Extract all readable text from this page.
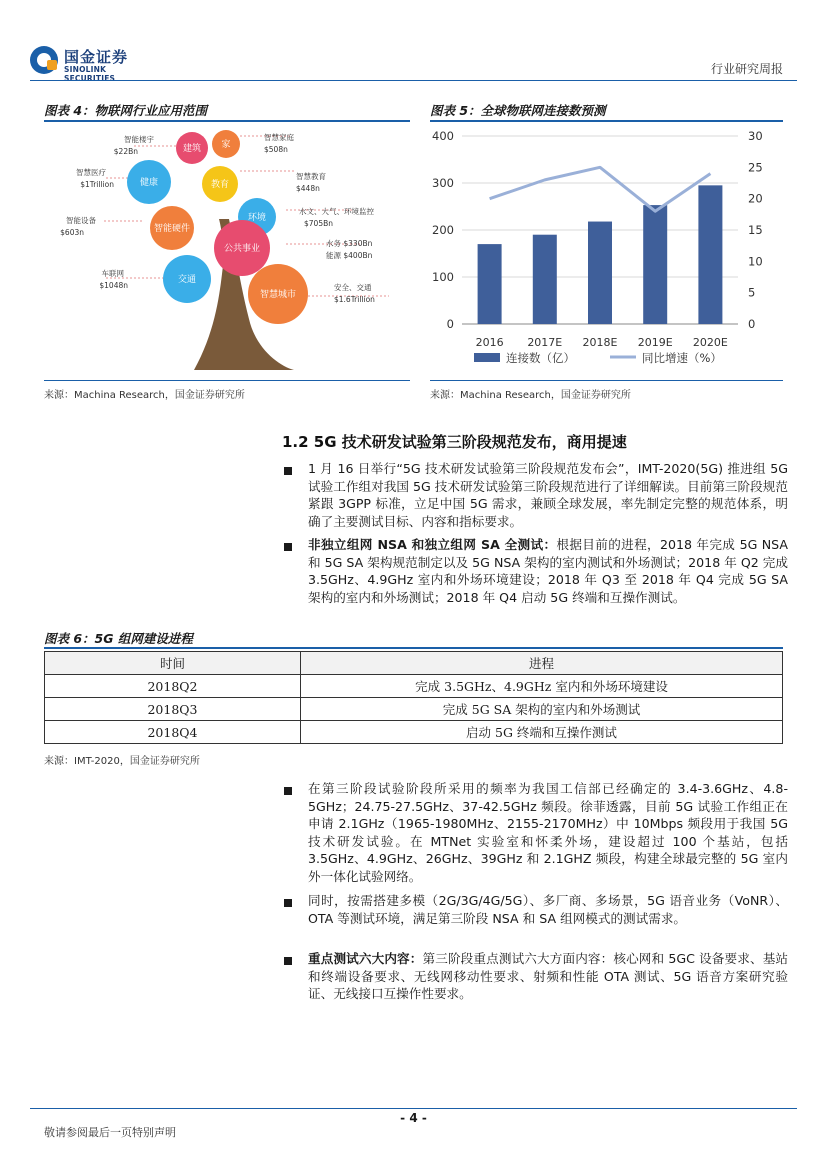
国金证券
SINOLINK SECURITIES
行业研究周报
图表 4：物联网行业应用范围
建筑 家
健康	教育
环境
智能硬件
公共事业
交通
智慧城市
智能楼宇
$22Bn
智慧医疗
$1Trillion
智能设备
$603n
车联网
$1048n
智慧家庭
$508n
智慧教育
$448n
水文、大气、环境监控
$705Bn
水务 $330Bn
能源 $400Bn
安全、交通
$1.6Trillion
来源：Machina Research，国金证券研究所
图表 5：全球物联网连接数预测
0
100
200
300
400
0
5
10
15
20
25
30
2016 2017E 2018E 2019E 2020E
连接数（亿）	同比增速（%）
来源：Machina Research，国金证券研究所
1.2 5G 技术研发试验第三阶段规范发布，商用提速
1 月 16 日举行“5G 技术研发试验第三阶段规范发布会”，IMT-2020(5G) 推进组 5G 试验工作组对我国 5G 技术研发试验第三阶段规范进行了详细解读。目前第三阶段规范紧跟 3GPP 标准，立足中国 5G 需求，兼顾全球发展，率先制定完整的规范体系，明确了主要测试目标、内容和指标要求。
非独立组网 NSA 和独立组网 SA 全测试：根据目前的进程，2018 年完成 5G NSA 和 5G SA 架构规范制定以及 5G NSA 架构的室内测试和外场测试；2018 年 Q2 完成 3.5GHz、4.9GHz 室内和外场环境建设；2018 年 Q3 至 2018 年 Q4 完成 5G SA 架构的室内和外场测试；2018 年 Q4 启动 5G 终端和互操作测试。
图表 6：5G 组网建设进程
时间	进程
2018Q2	完成 3.5GHz、4.9GHz 室内和外场环境建设
2018Q3	完成 5G SA 架构的室内和外场测试
2018Q4	启动 5G 终端和互操作测试
来源：IMT-2020，国金证券研究所
在第三阶段试验阶段所采用的频率为我国工信部已经确定的 3.4-3.6GHz、4.8-5GHz；24.75-27.5GHz、37-42.5GHz 频段。徐菲透露，目前 5G 试验工作组正在申请 2.1GHz（1965-1980MHz、2155-2170MHz）中 10Mbps 频段用于我国 5G 技术研发试验。在 MTNet 实验室和怀柔外场，建设超过 100 个基站，包括 3.5GHz、4.9GHz、26GHz、39GHz 和 2.1GHZ 频段，构建全球最完整的 5G 室内外一体化试验网络。
同时，按需搭建多模（2G/3G/4G/5G）、多厂商、多场景，5G 语音业务（VoNR）、OTA 等测试环境，满足第三阶段 NSA 和 SA 组网模式的测试需求。
重点测试六大内容：第三阶段重点测试六大方面内容：核心网和 5GC 设备要求、基站和终端设备要求、无线网移动性要求、射频和性能 OTA 测试、5G 语音方案研究验证、无线接口互操作性要求。
- 4 -
敬请参阅最后一页特别声明
